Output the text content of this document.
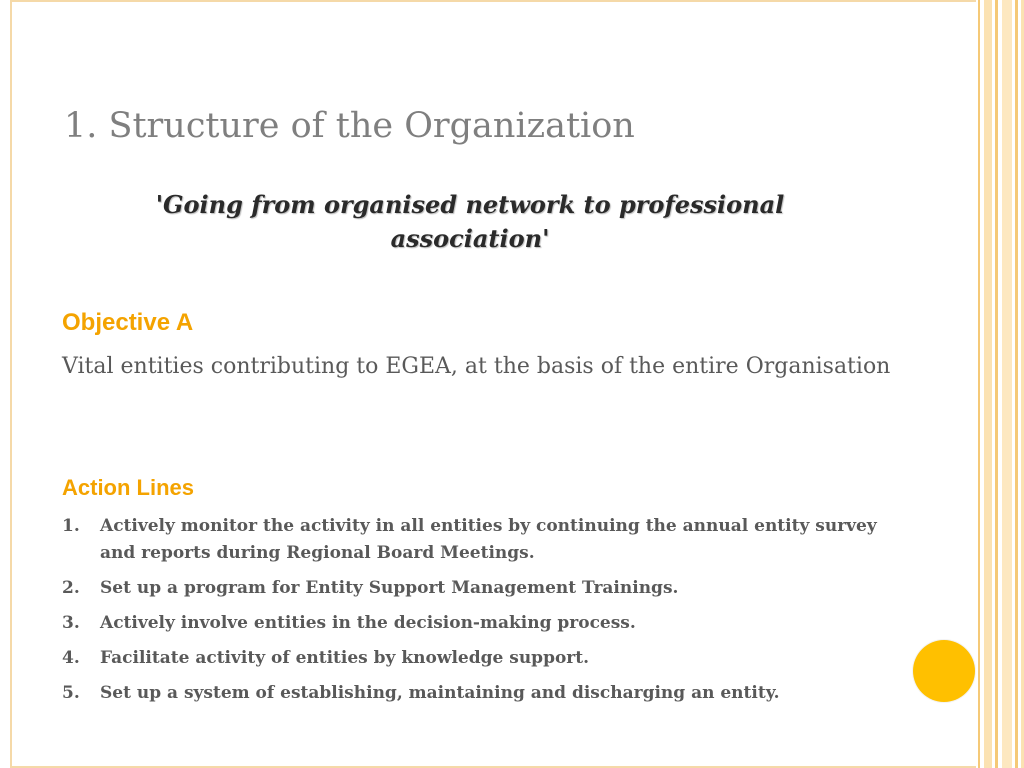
1. Structure of the Organization

'Going from organised network to professional association'

Objective A

Vital entities contributing to EGEA, at the basis of the entire Organisation

Action Lines
1.	Actively monitor the activity in all entities by continuing the annual entity survey and reports during Regional Board Meetings.
2.	Set up a program for Entity Support Management Trainings.
3.	Actively involve entities in the decision-making process.
4.	Facilitate activity of entities by knowledge support.
5.	Set up a system of establishing, maintaining and discharging an entity.
